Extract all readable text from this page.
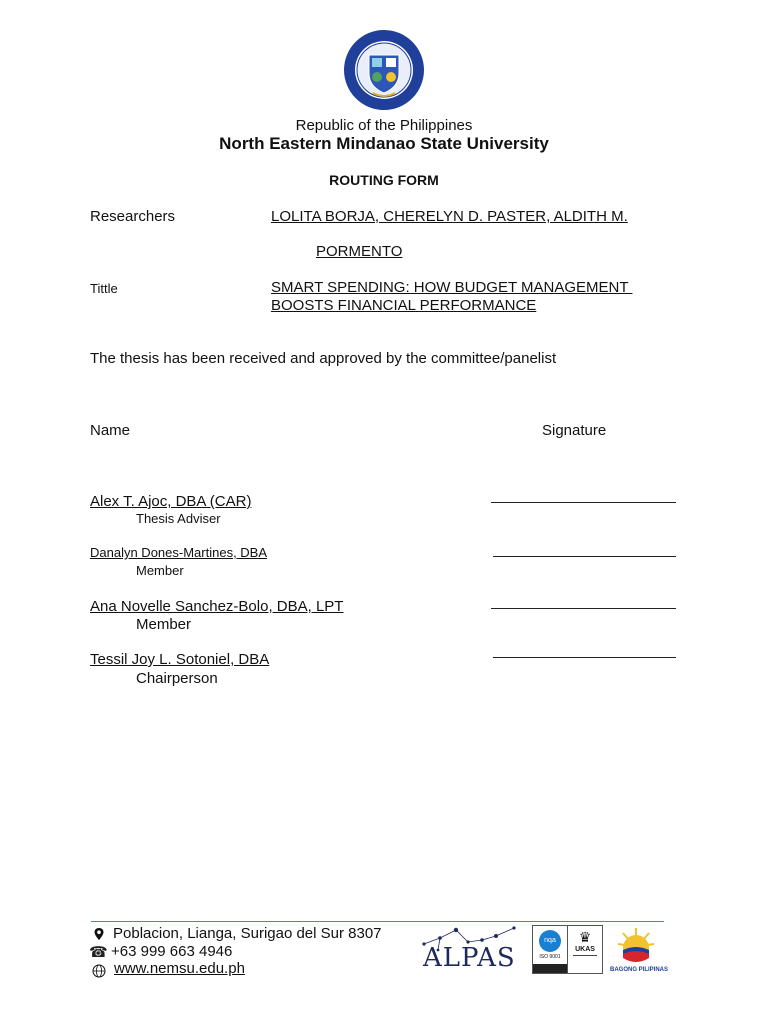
Republic of the Philippines
North Eastern Mindanao State University
ROUTING FORM
Researchers	LOLITA BORJA, CHERELYN D. PASTER, ALDITH M.
PORMENTO
Tittle	SMART SPENDING: HOW BUDGET MANAGEMENT
BOOSTS FINANCIAL PERFORMANCE
The thesis has been received and approved by the committee/panelist
Name	Signature
Alex T. Ajoc, DBA (CAR)
Thesis Adviser
Danalyn Dones-Martines, DBA
Member
Ana Novelle Sanchez-Bolo, DBA, LPT
Member
Tessil Joy L. Sotoniel, DBA
Chairperson
Poblacion, Lianga, Surigao del Sur 8307
☎ +63 999 663 4946
www.nemsu.edu.ph	ALPAS
nqa
ISO 9001
♛
UKAS
BAGONG PILIPINAS
